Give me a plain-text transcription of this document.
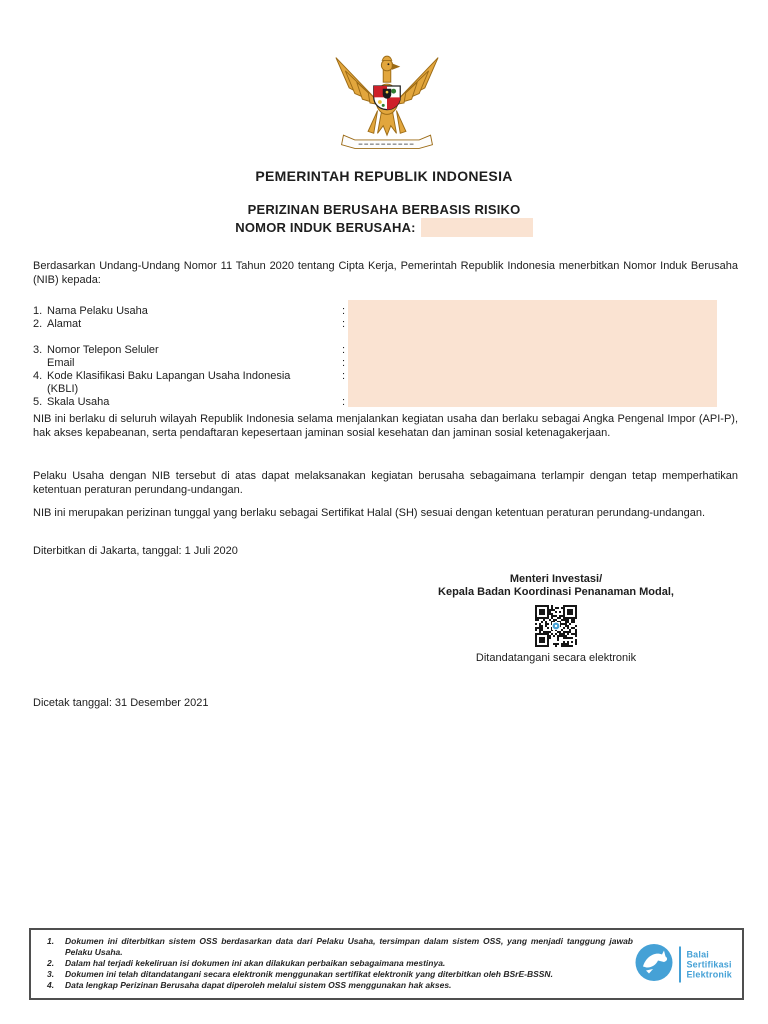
PEMERINTAH REPUBLIK INDONESIA
PERIZINAN BERUSAHA BERBASIS RISIKO
NOMOR INDUK BERUSAHA:
Berdasarkan Undang-Undang Nomor 11 Tahun 2020 tentang Cipta Kerja, Pemerintah Republik Indonesia menerbitkan Nomor Induk Berusaha (NIB) kepada:
1. Nama Pelaku Usaha	:
2. Alamat	:
3. Nomor Telepon Seluler	:
Email	:
4. Kode Klasifikasi Baku Lapangan Usaha Indonesia	:
(KBLI)
5. Skala Usaha	:
NIB ini berlaku di seluruh wilayah Republik Indonesia selama menjalankan kegiatan usaha dan berlaku sebagai Angka Pengenal Impor (API-P), hak akses kepabeanan, serta pendaftaran kepesertaan jaminan sosial kesehatan dan jaminan sosial ketenagakerjaan.
Pelaku Usaha dengan NIB tersebut di atas dapat melaksanakan kegiatan berusaha sebagaimana terlampir dengan tetap memperhatikan ketentuan peraturan perundang-undangan.
NIB ini merupakan perizinan tunggal yang berlaku sebagai Sertifikat Halal (SH) sesuai dengan ketentuan peraturan perundang-undangan.
Diterbitkan di Jakarta, tanggal: 1 Juli 2020
Menteri Investasi/
Kepala Badan Koordinasi Penanaman Modal,
Ditandatangani secara elektronik
Dicetak tanggal: 31 Desember 2021
1.	Dokumen ini diterbitkan sistem OSS berdasarkan data dari Pelaku Usaha, tersimpan dalam sistem OSS, yang menjadi tanggung jawab Pelaku Usaha.
2.	Dalam hal terjadi kekeliruan isi dokumen ini akan dilakukan perbaikan sebagaimana mestinya.
3.	Dokumen ini telah ditandatangani secara elektronik menggunakan sertifikat elektronik yang diterbitkan oleh BSrE-BSSN.
4.	Data lengkap Perizinan Berusaha dapat diperoleh melalui sistem OSS menggunakan hak akses.
Balai
Sertifikasi
Elektronik
